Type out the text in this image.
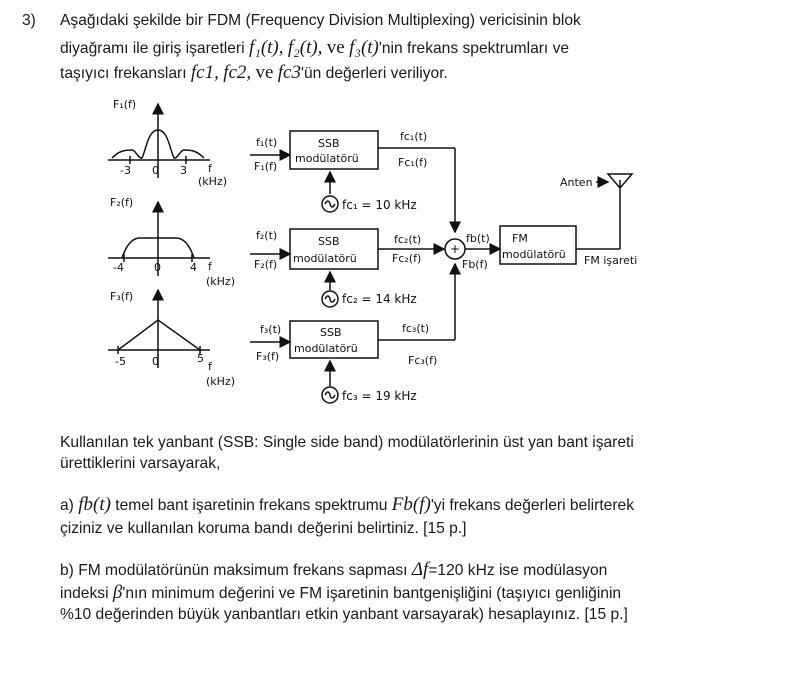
3) Aşağıdaki şekilde bir FDM (Frequency Division Multiplexing) vericisinin blok
diyağramı ile giriş işaretleri f₁(t), f₂(t), ve f₃(t)'nin frekans spektrumları ve
taşıyıcı frekansları fc1, fc2, ve fc3'ün değerleri veriliyor.
F₁(f)
-3 0 3 f
(kHz)
F₂(f)
-4	0	4 f
(kHz)
F₃(f)
-5 0	5
f
(kHz)
f₁(t)
F₁(f)
SSB
modülatörü
fc₁(t)
Fc₁(f)
fc₁ = 10 kHz
f₂(t)
F₂(f)
SSB
modülatörü
fc₂(t)
Fc₂(f)
fc₂ = 14 kHz
f₃(t)
F₃(f)
SSB
modülatörü
fc₃(t)
Fc₃(f)
fc₃ = 19 kHz
+
fb(t)
Fb(f)
FM
modülatörü FM işareti
Anten
Kullanılan tek yanbant (SSB: Single side band) modülatörlerinin üst yan bant işareti
ürettiklerini varsayarak,
a) fb(t) temel bant işaretinin frekans spektrumu Fb(f)'yi frekans değerleri belirterek
çiziniz ve kullanılan koruma bandı değerini belirtiniz. [15 p.]
b) FM modülatörünün maksimum frekans sapması Δf=120 kHz ise modülasyon
indeksi β'nın minimum değerini ve FM işaretinin bantgenişliğini (taşıyıcı genliğinin
%10 değerinden büyük yanbantları etkin yanbant varsayarak) hesaplayınız. [15 p.]
